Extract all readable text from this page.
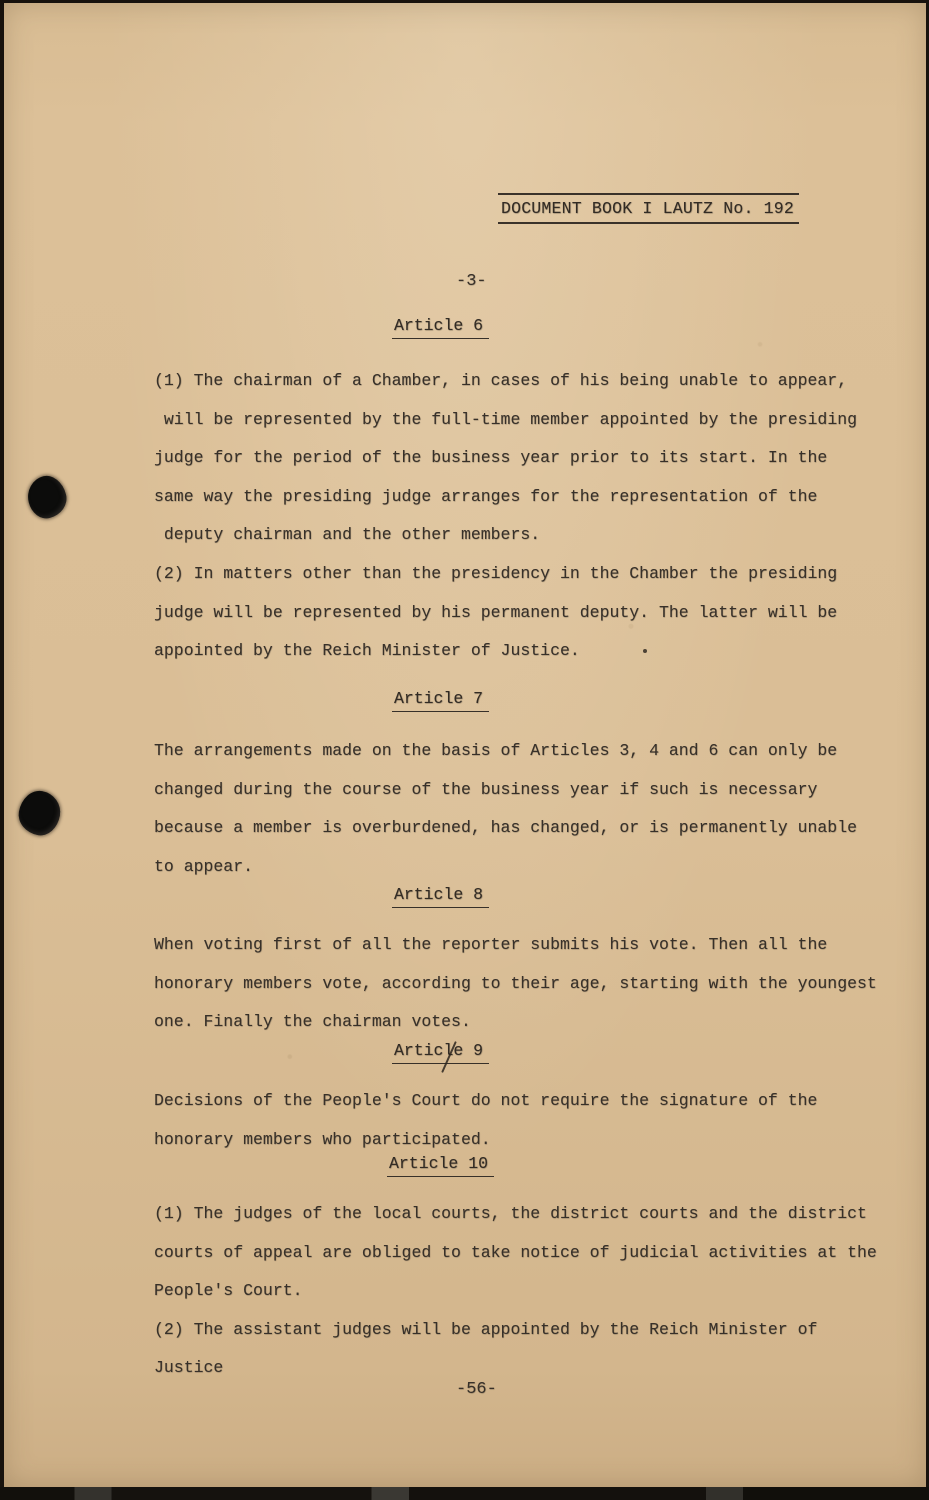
DOCUMENT BOOK I LAUTZ No. 192
-3-
Article 6
(1) The chairman of a Chamber, in cases of his being unable to appear,
will be represented by the full-time member appointed by the presiding
judge for the period of the business year prior to its start. In the
same way the presiding judge arranges for the representation of the
deputy chairman and the other members.
(2) In matters other than the presidency in the Chamber the presiding
judge will be represented by his permanent deputy. The latter will be
appointed by the Reich Minister of Justice.
Article 7
The arrangements made on the basis of Articles 3, 4 and 6 can only be
changed during the course of the business year if such is necessary
because a member is overburdened, has changed, or is permanently unable
to appear.
Article 8
When voting first of all the reporter submits his vote. Then all the
honorary members vote, according to their age, starting with the youngest
one. Finally the chairman votes.
Article 9
Decisions of the People's Court do not require the signature of the
honorary members who participated.
Article 10
(1) The judges of the local courts, the district courts and the district
courts of appeal are obliged to take notice of judicial activities at the
People's Court.
(2) The assistant judges will be appointed by the Reich Minister of Justice
-56-
